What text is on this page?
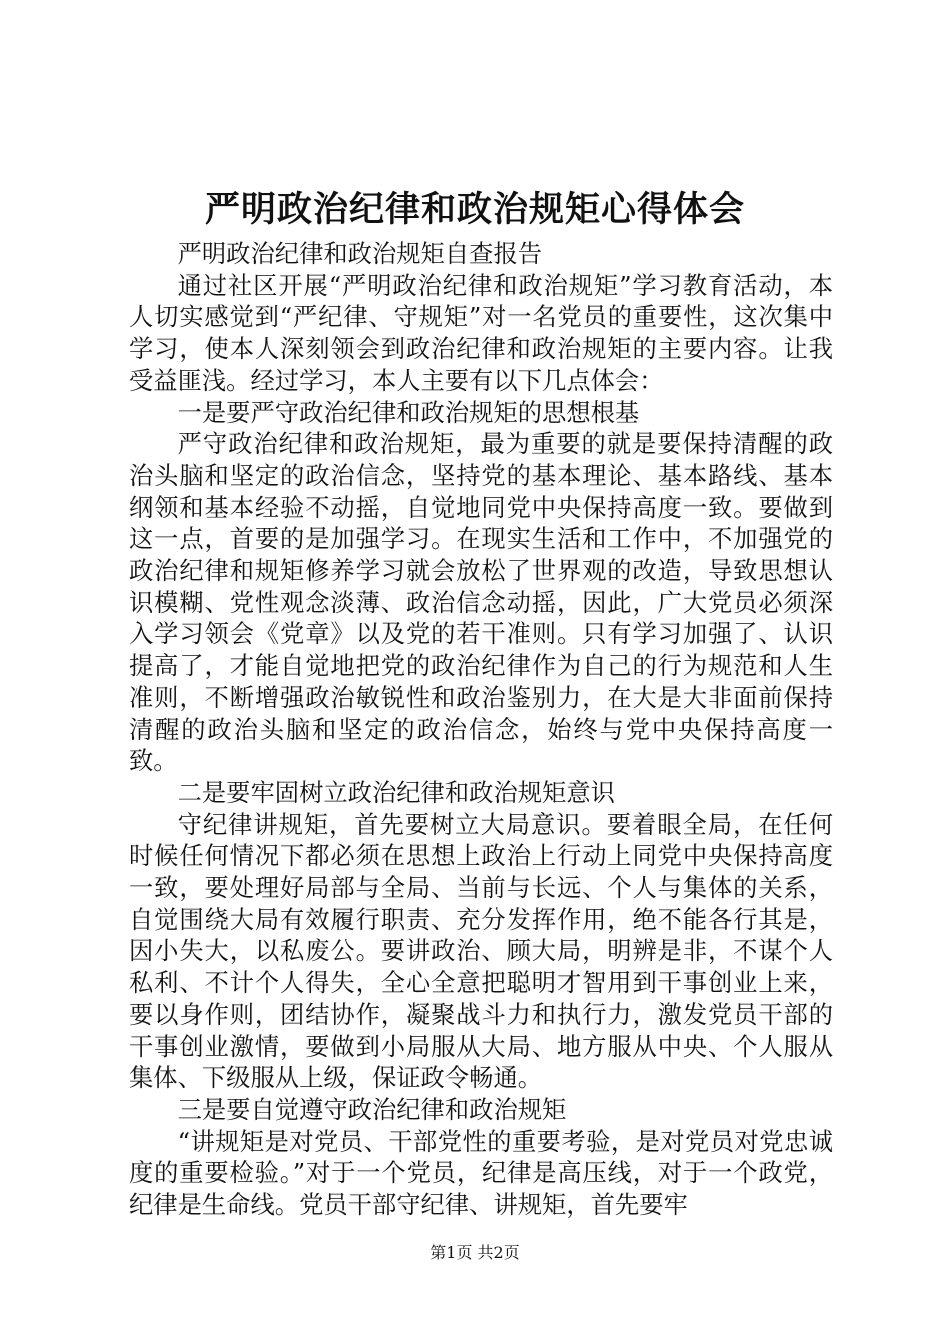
严明政治纪律和政治规矩心得体会

严明政治纪律和政治规矩自查报告

通过社区开展“严明政治纪律和政治规矩”学习教育活动，本人切实感觉到“严纪律、守规矩”对一名党员的重要性，这次集中学习，使本人深刻领会到政治纪律和政治规矩的主要内容。让我受益匪浅。经过学习，本人主要有以下几点体会：

一是要严守政治纪律和政治规矩的思想根基

严守政治纪律和政治规矩，最为重要的就是要保持清醒的政治头脑和坚定的政治信念，坚持党的基本理论、基本路线、基本纲领和基本经验不动摇，自觉地同党中央保持高度一致。要做到这一点，首要的是加强学习。在现实生活和工作中，不加强党的政治纪律和规矩修养学习就会放松了世界观的改造，导致思想认识模糊、党性观念淡薄、政治信念动摇，因此，广大党员必须深入学习领会《党章》以及党的若干准则。只有学习加强了、认识提高了，才能自觉地把党的政治纪律作为自己的行为规范和人生准则，不断增强政治敏锐性和政治鉴别力，在大是大非面前保持清醒的政治头脑和坚定的政治信念，始终与党中央保持高度一致。

二是要牢固树立政治纪律和政治规矩意识

守纪律讲规矩，首先要树立大局意识。要着眼全局，在任何时候任何情况下都必须在思想上政治上行动上同党中央保持高度一致，要处理好局部与全局、当前与长远、个人与集体的关系，自觉围绕大局有效履行职责、充分发挥作用，绝不能各行其是，因小失大，以私废公。要讲政治、顾大局，明辨是非，不谋个人私利、不计个人得失，全心全意把聪明才智用到干事创业上来，要以身作则，团结协作，凝聚战斗力和执行力，激发党员干部的干事创业激情，要做到小局服从大局、地方服从中央、个人服从集体、下级服从上级，保证政令畅通。

三是要自觉遵守政治纪律和政治规矩

“讲规矩是对党员、干部党性的重要考验，是对党员对党忠诚度的重要检验。”对于一个党员，纪律是高压线，对于一个政党，纪律是生命线。党员干部守纪律、讲规矩，首先要牢

第1页 共2页
